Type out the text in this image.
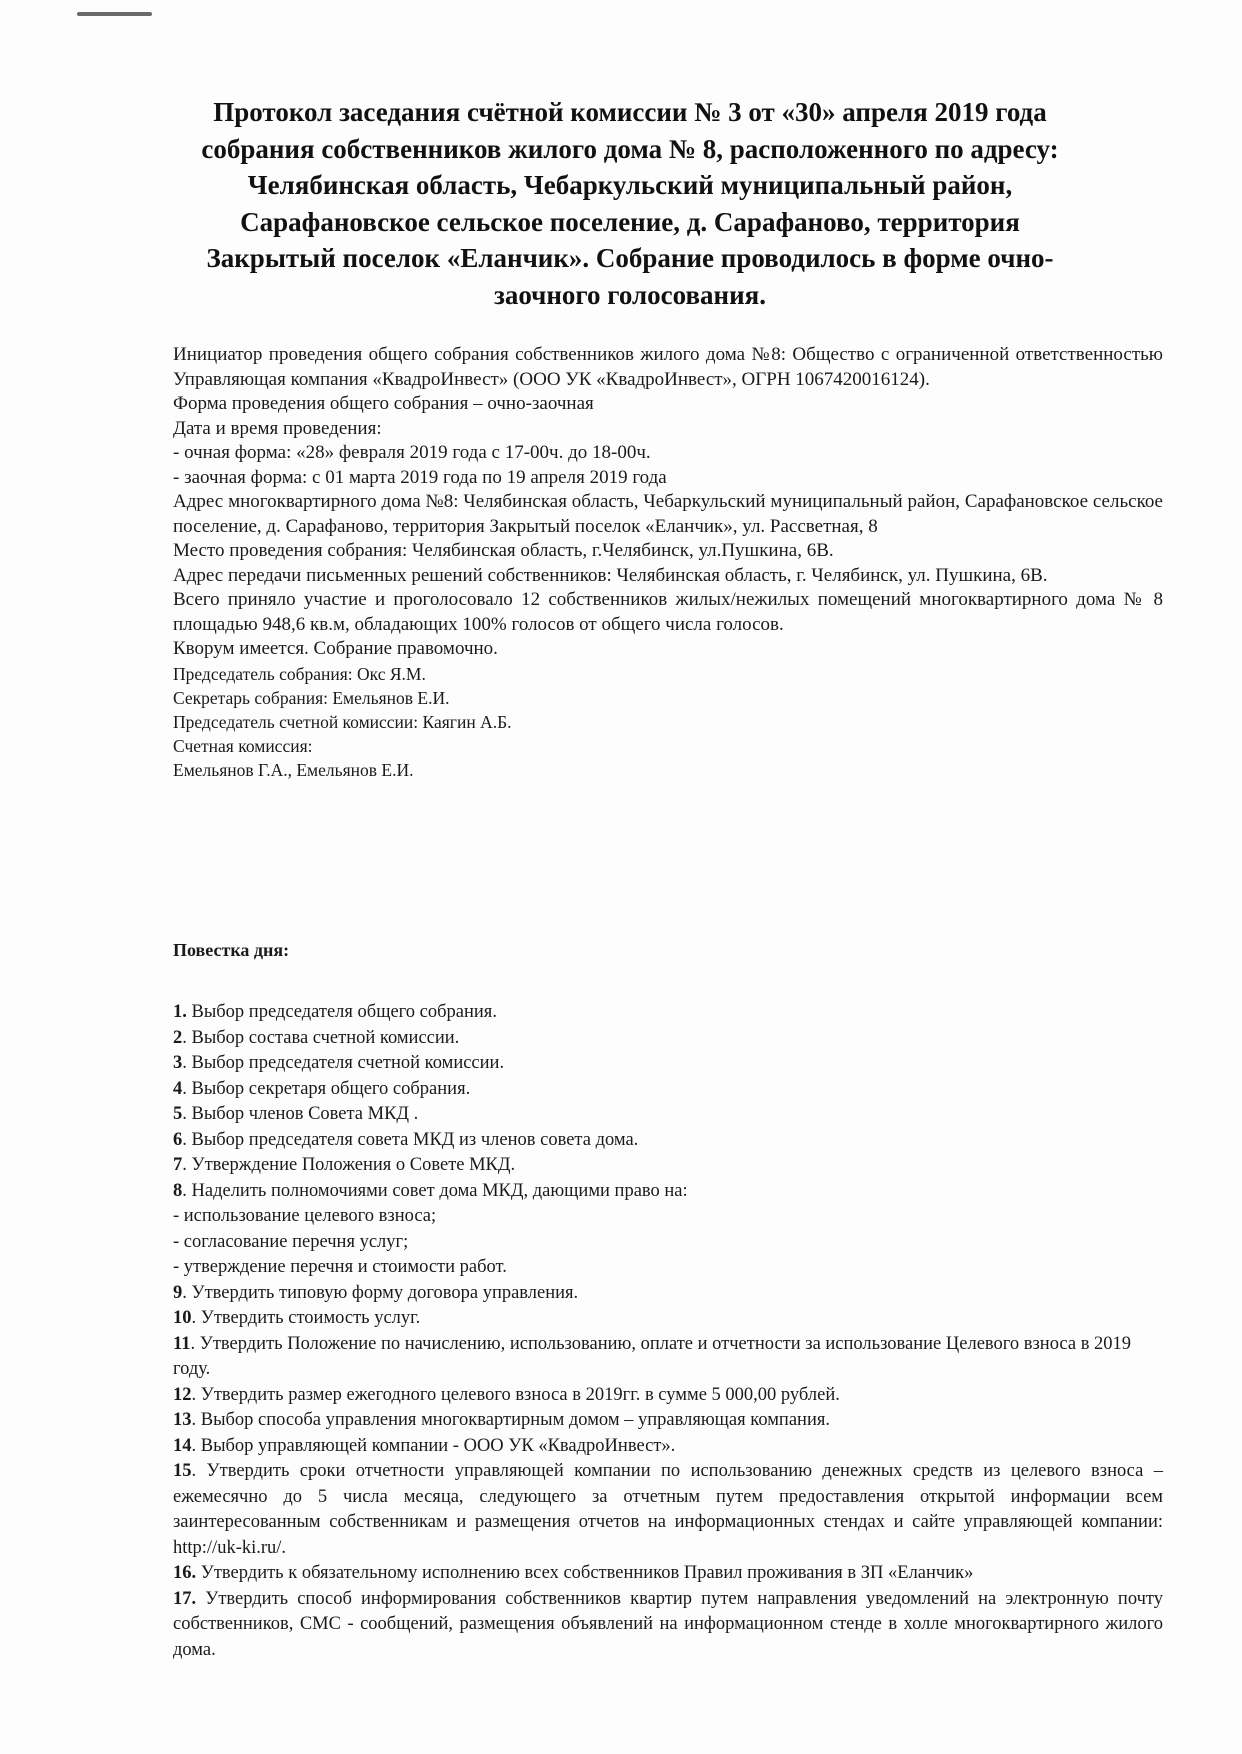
Протокол заседания счётной комиссии № 3 от «30» апреля 2019 года
собрания собственников жилого дома № 8, расположенного по адресу:
Челябинская область, Чебаркульский муниципальный район,
Сарафановское сельское поселение, д. Сарафаново, территория
Закрытый поселок «Еланчик». Собрание проводилось в форме очно-
заочного голосования.

Инициатор проведения общего собрания собственников жилого дома №8: Общество с ограниченной ответственностью Управляющая компания «КвадроИнвест» (ООО УК «КвадроИнвест», ОГРН 1067420016124).

Форма проведения общего собрания – очно-заочная

Дата и время проведения:

- очная форма: «28» февраля 2019 года с 17-00ч. до 18-00ч.

- заочная форма: с 01 марта 2019 года по 19 апреля 2019 года

Адрес многоквартирного дома №8: Челябинская область, Чебаркульский муниципальный район, Сарафановское сельское поселение, д. Сарафаново, территория Закрытый поселок «Еланчик», ул. Рассветная, 8

Место проведения собрания: Челябинская область, г.Челябинск, ул.Пушкина, 6В.

Адрес передачи письменных решений собственников: Челябинская область, г. Челябинск, ул. Пушкина, 6В.

Всего приняло участие и проголосовало 12 собственников жилых/нежилых помещений многоквартирного дома № 8 площадью 948,6 кв.м, обладающих 100% голосов от общего числа голосов.

Кворум имеется. Собрание правомочно.

Председатель собрания: Окс Я.М.

Секретарь собрания: Емельянов Е.И.

Председатель счетной комиссии: Каягин А.Б.

Счетная комиссия:

Емельянов Г.А., Емельянов Е.И.

Повестка дня:

1. Выбор председателя общего собрания.

2. Выбор состава счетной комиссии.

3. Выбор председателя счетной комиссии.

4. Выбор секретаря общего собрания.

5. Выбор членов Совета МКД .

6. Выбор председателя совета МКД из членов совета дома.

7. Утверждение Положения о Совете МКД.

8. Наделить полномочиями совет дома МКД, дающими право на:

- использование целевого взноса;

- согласование перечня услуг;

- утверждение перечня и стоимости работ.

9. Утвердить типовую форму договора управления.

10. Утвердить стоимость услуг.

11. Утвердить Положение по начислению, использованию, оплате и отчетности за использование Целевого взноса в 2019 году.

12. Утвердить размер ежегодного целевого взноса в 2019гг. в сумме 5 000,00 рублей.

13. Выбор способа управления многоквартирным домом – управляющая компания.

14. Выбор управляющей компании - ООО УК «КвадроИнвест».

15. Утвердить сроки отчетности управляющей компании по использованию денежных средств из целевого взноса – ежемесячно до 5 числа месяца, следующего за отчетным путем предоставления открытой информации всем заинтересованным собственникам и размещения отчетов на информационных стендах и сайте управляющей компании: http://uk-ki.ru/.

16. Утвердить к обязательному исполнению всех собственников Правил проживания в ЗП «Еланчик»

17. Утвердить способ информирования собственников квартир путем направления уведомлений на электронную почту собственников, СМС - сообщений, размещения объявлений на информационном стенде в холле многоквартирного жилого дома.
